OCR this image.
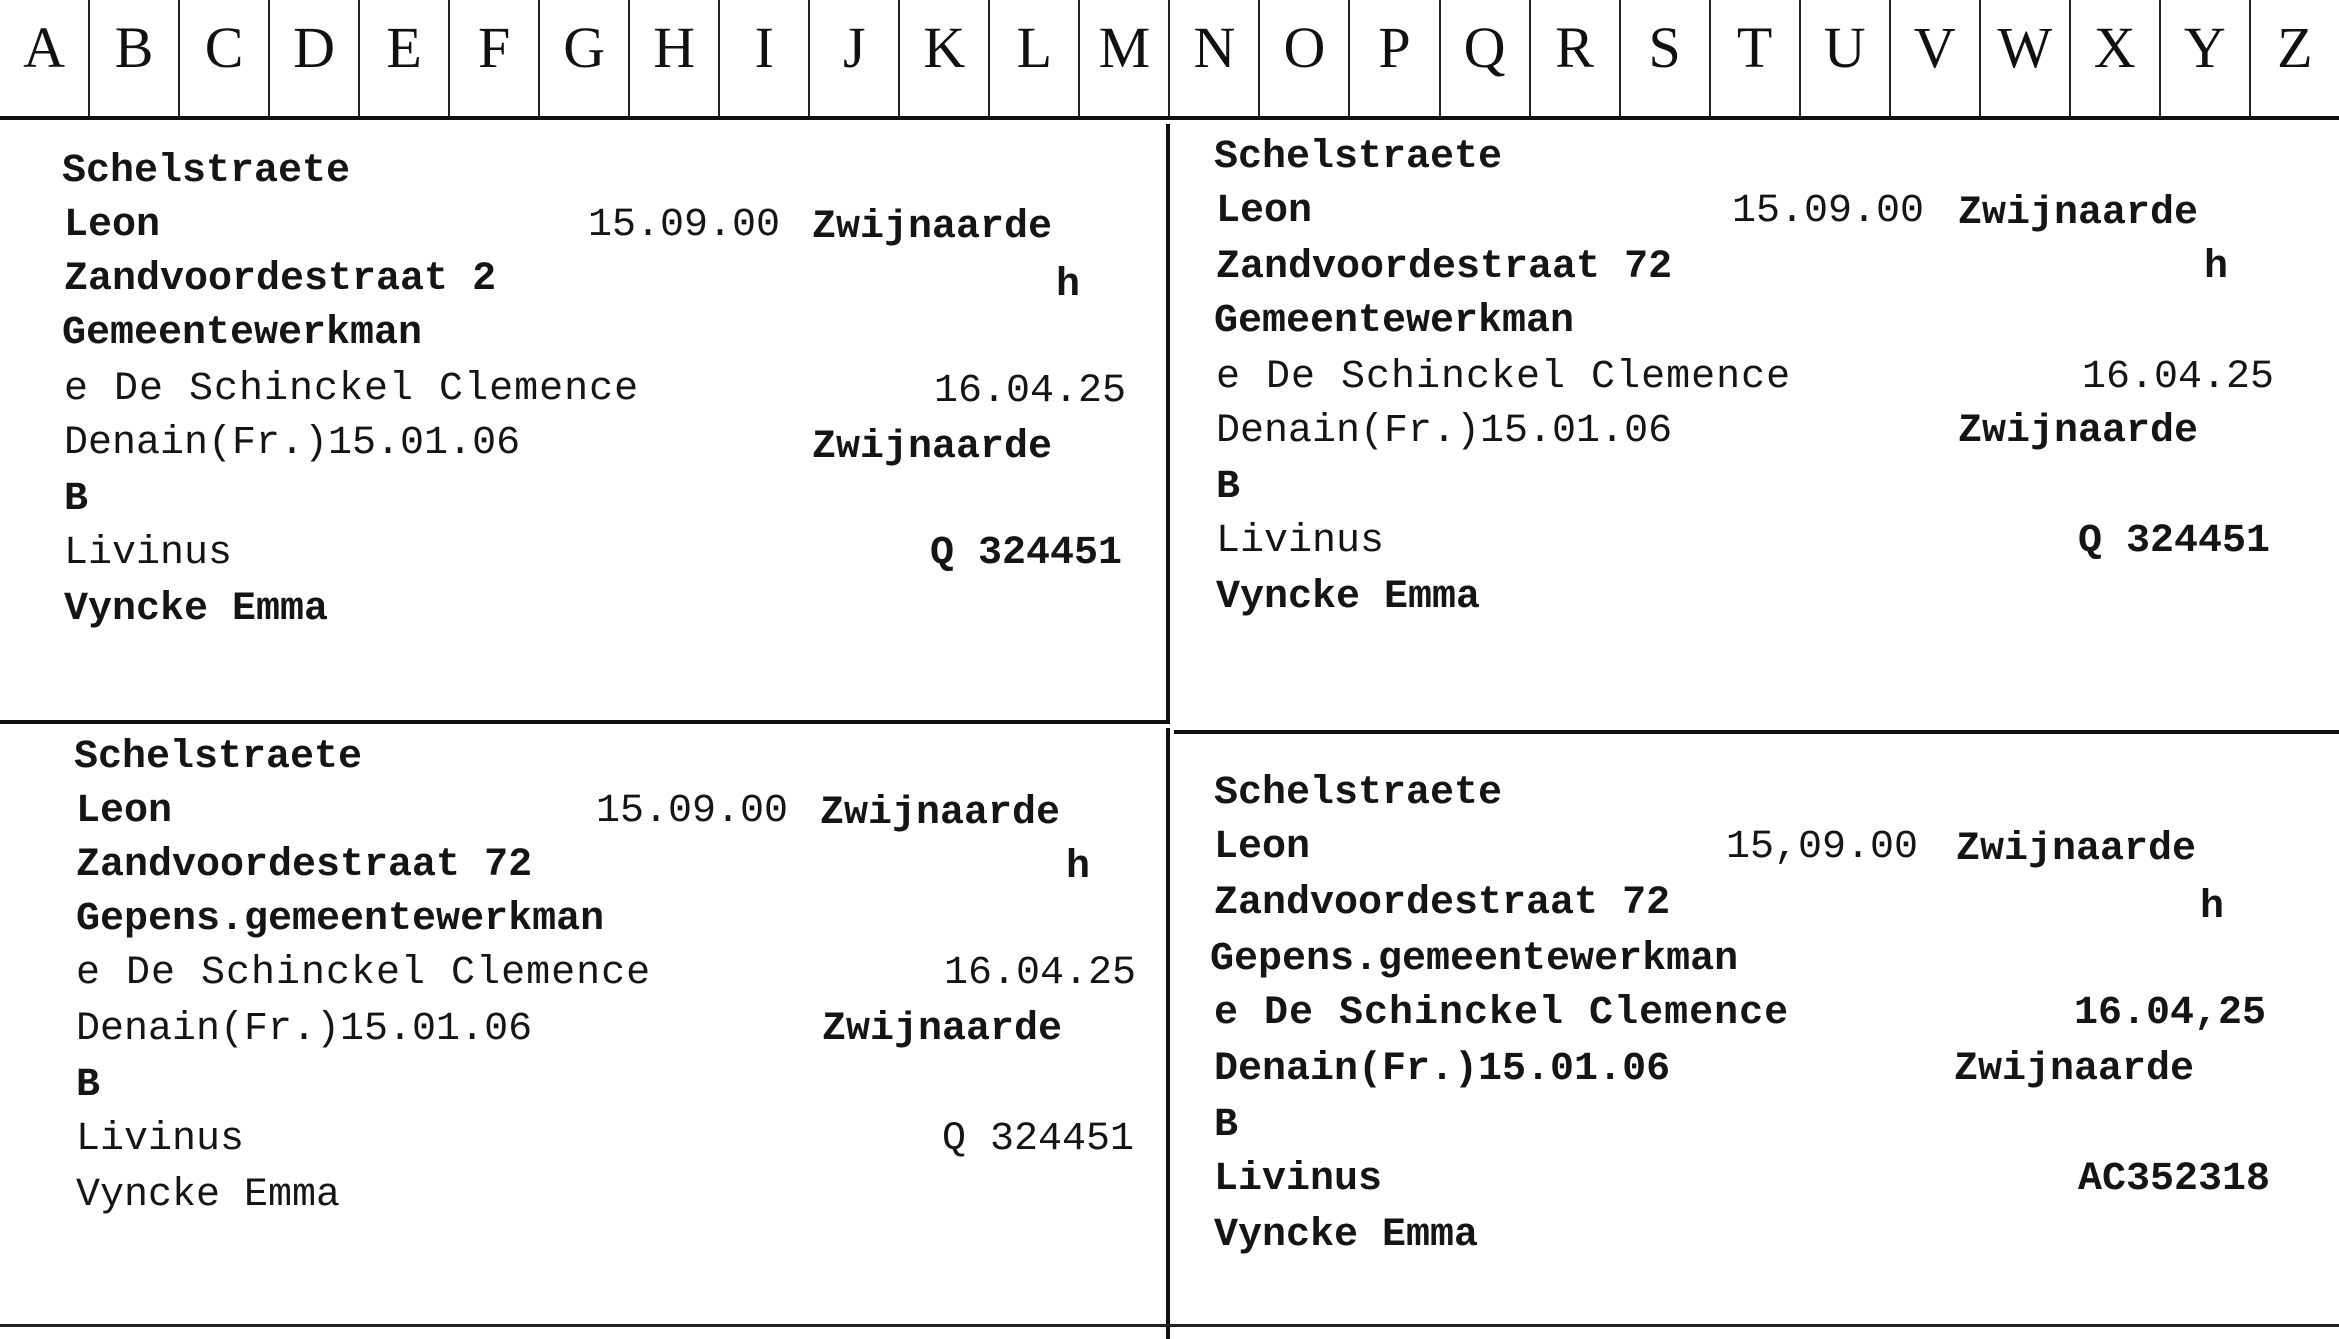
A B C D E F G H	I	J K L M N O P Q R S T U V W X Y Z
Schelstraete
Leon	15.09.00 Zwijnaarde
Zandvoordestraat 2	h
Gemeentewerkman
e De Schinckel Clemence	16.04.25
Denain(Fr.)15.01.06	Zwijnaarde
B
Livinus	Q 324451
Vyncke Emma
Schelstraete
Leon	15.09.00 Zwijnaarde
Zandvoordestraat 72	h
Gemeentewerkman
e De Schinckel Clemence	16.04.25
Denain(Fr.)15.01.06	Zwijnaarde
B
Livinus	Q 324451
Vyncke Emma
Schelstraete
Leon	15.09.00 Zwijnaarde
Zandvoordestraat 72	h
Gepens.gemeentewerkman
e De Schinckel Clemence	16.04.25
Denain(Fr.)15.01.06	Zwijnaarde
B
Livinus	Q 324451
Vyncke Emma
Schelstraete
Leon	15,09.00 Zwijnaarde
Zandvoordestraat 72	h
Gepens.gemeentewerkman
e De Schinckel Clemence	16.04,25
Denain(Fr.)15.01.06	Zwijnaarde
B
Livinus	AC352318
Vyncke Emma
